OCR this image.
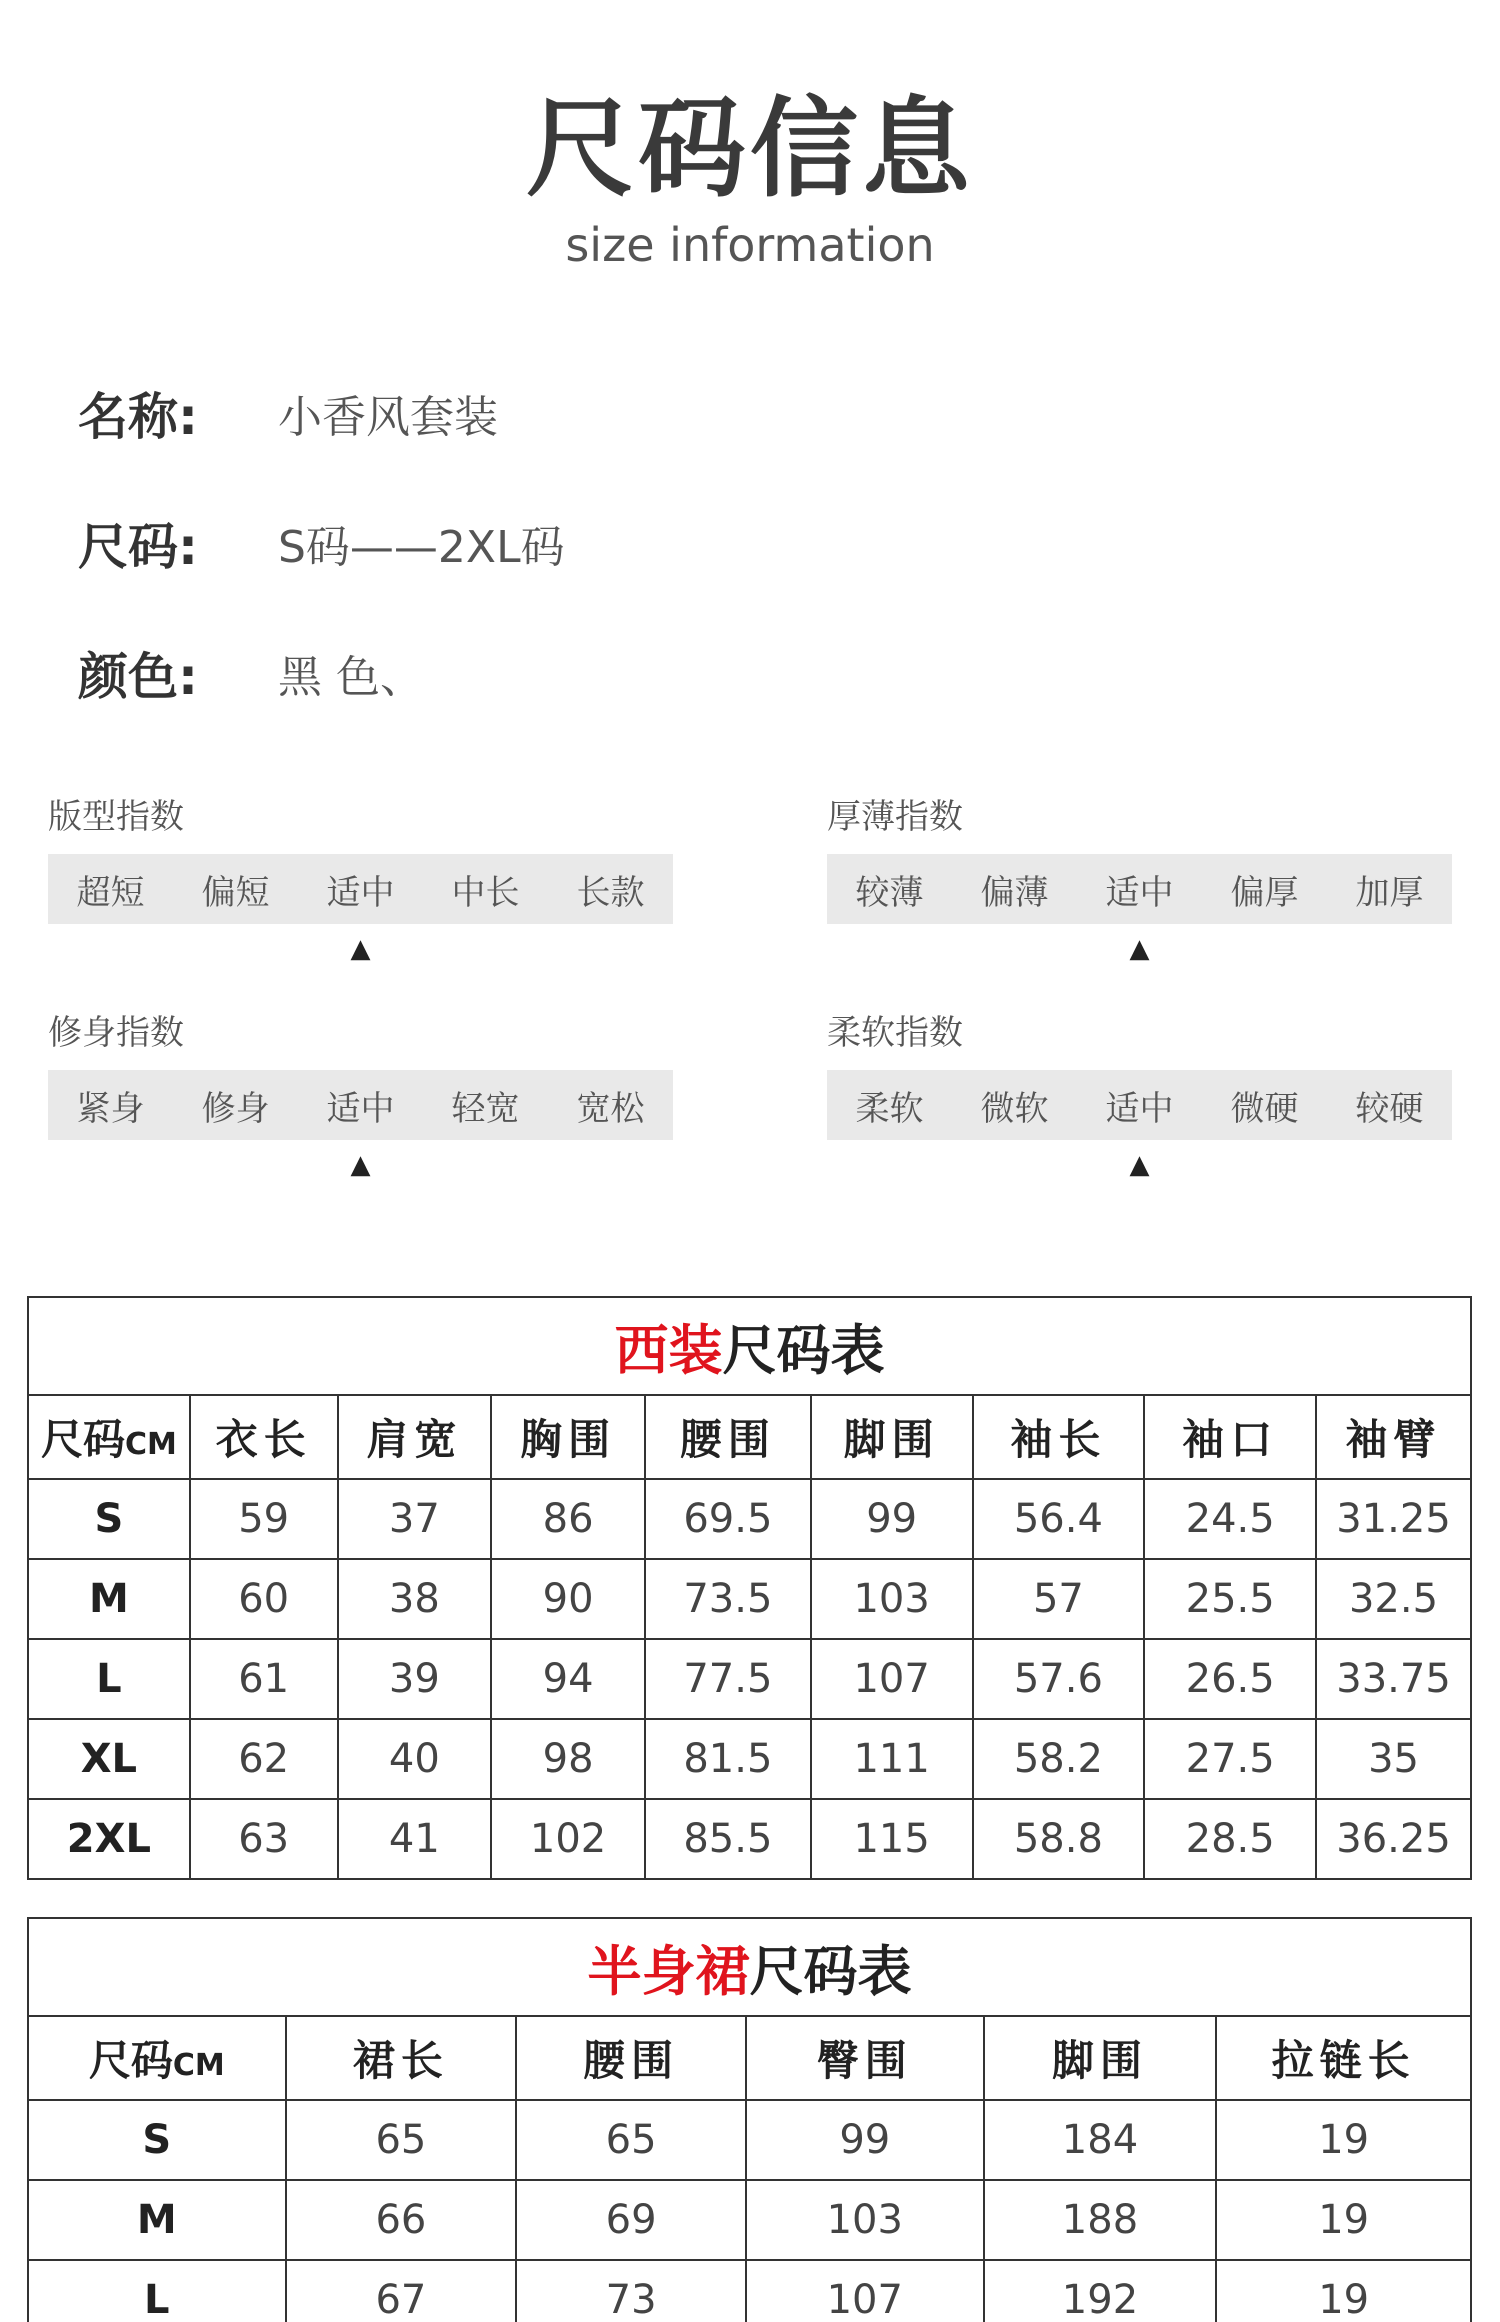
尺码信息
size information
名称:	小香风套装
尺码:	S码——2XL码
颜色:	黑 色、
版型指数
超短	偏短	适中	中长	长款
▲
厚薄指数
较薄	偏薄	适中	偏厚	加厚
▲
修身指数
紧身	修身	适中	轻宽	宽松
▲
柔软指数
柔软	微软	适中	微硬	较硬
▲
西装尺码表								
尺码CM	衣长	肩宽	胸围	腰围	脚围	袖长	袖口	袖臂
S	59	37	86	69.5	99	56.4	24.5	31.25
M	60	38	90	73.5	103	57	25.5	32.5
L	61	39	94	77.5	107	57.6	26.5	33.75
XL	62	40	98	81.5	111	58.2	27.5	35
2XL	63	41	102	85.5	115	58.8	28.5	36.25
半身裙尺码表					
尺码CM	裙长	腰围	臀围	脚围	拉链长
S	65	65	99	184	19
M	66	69	103	188	19
L	67	73	107	192	19
